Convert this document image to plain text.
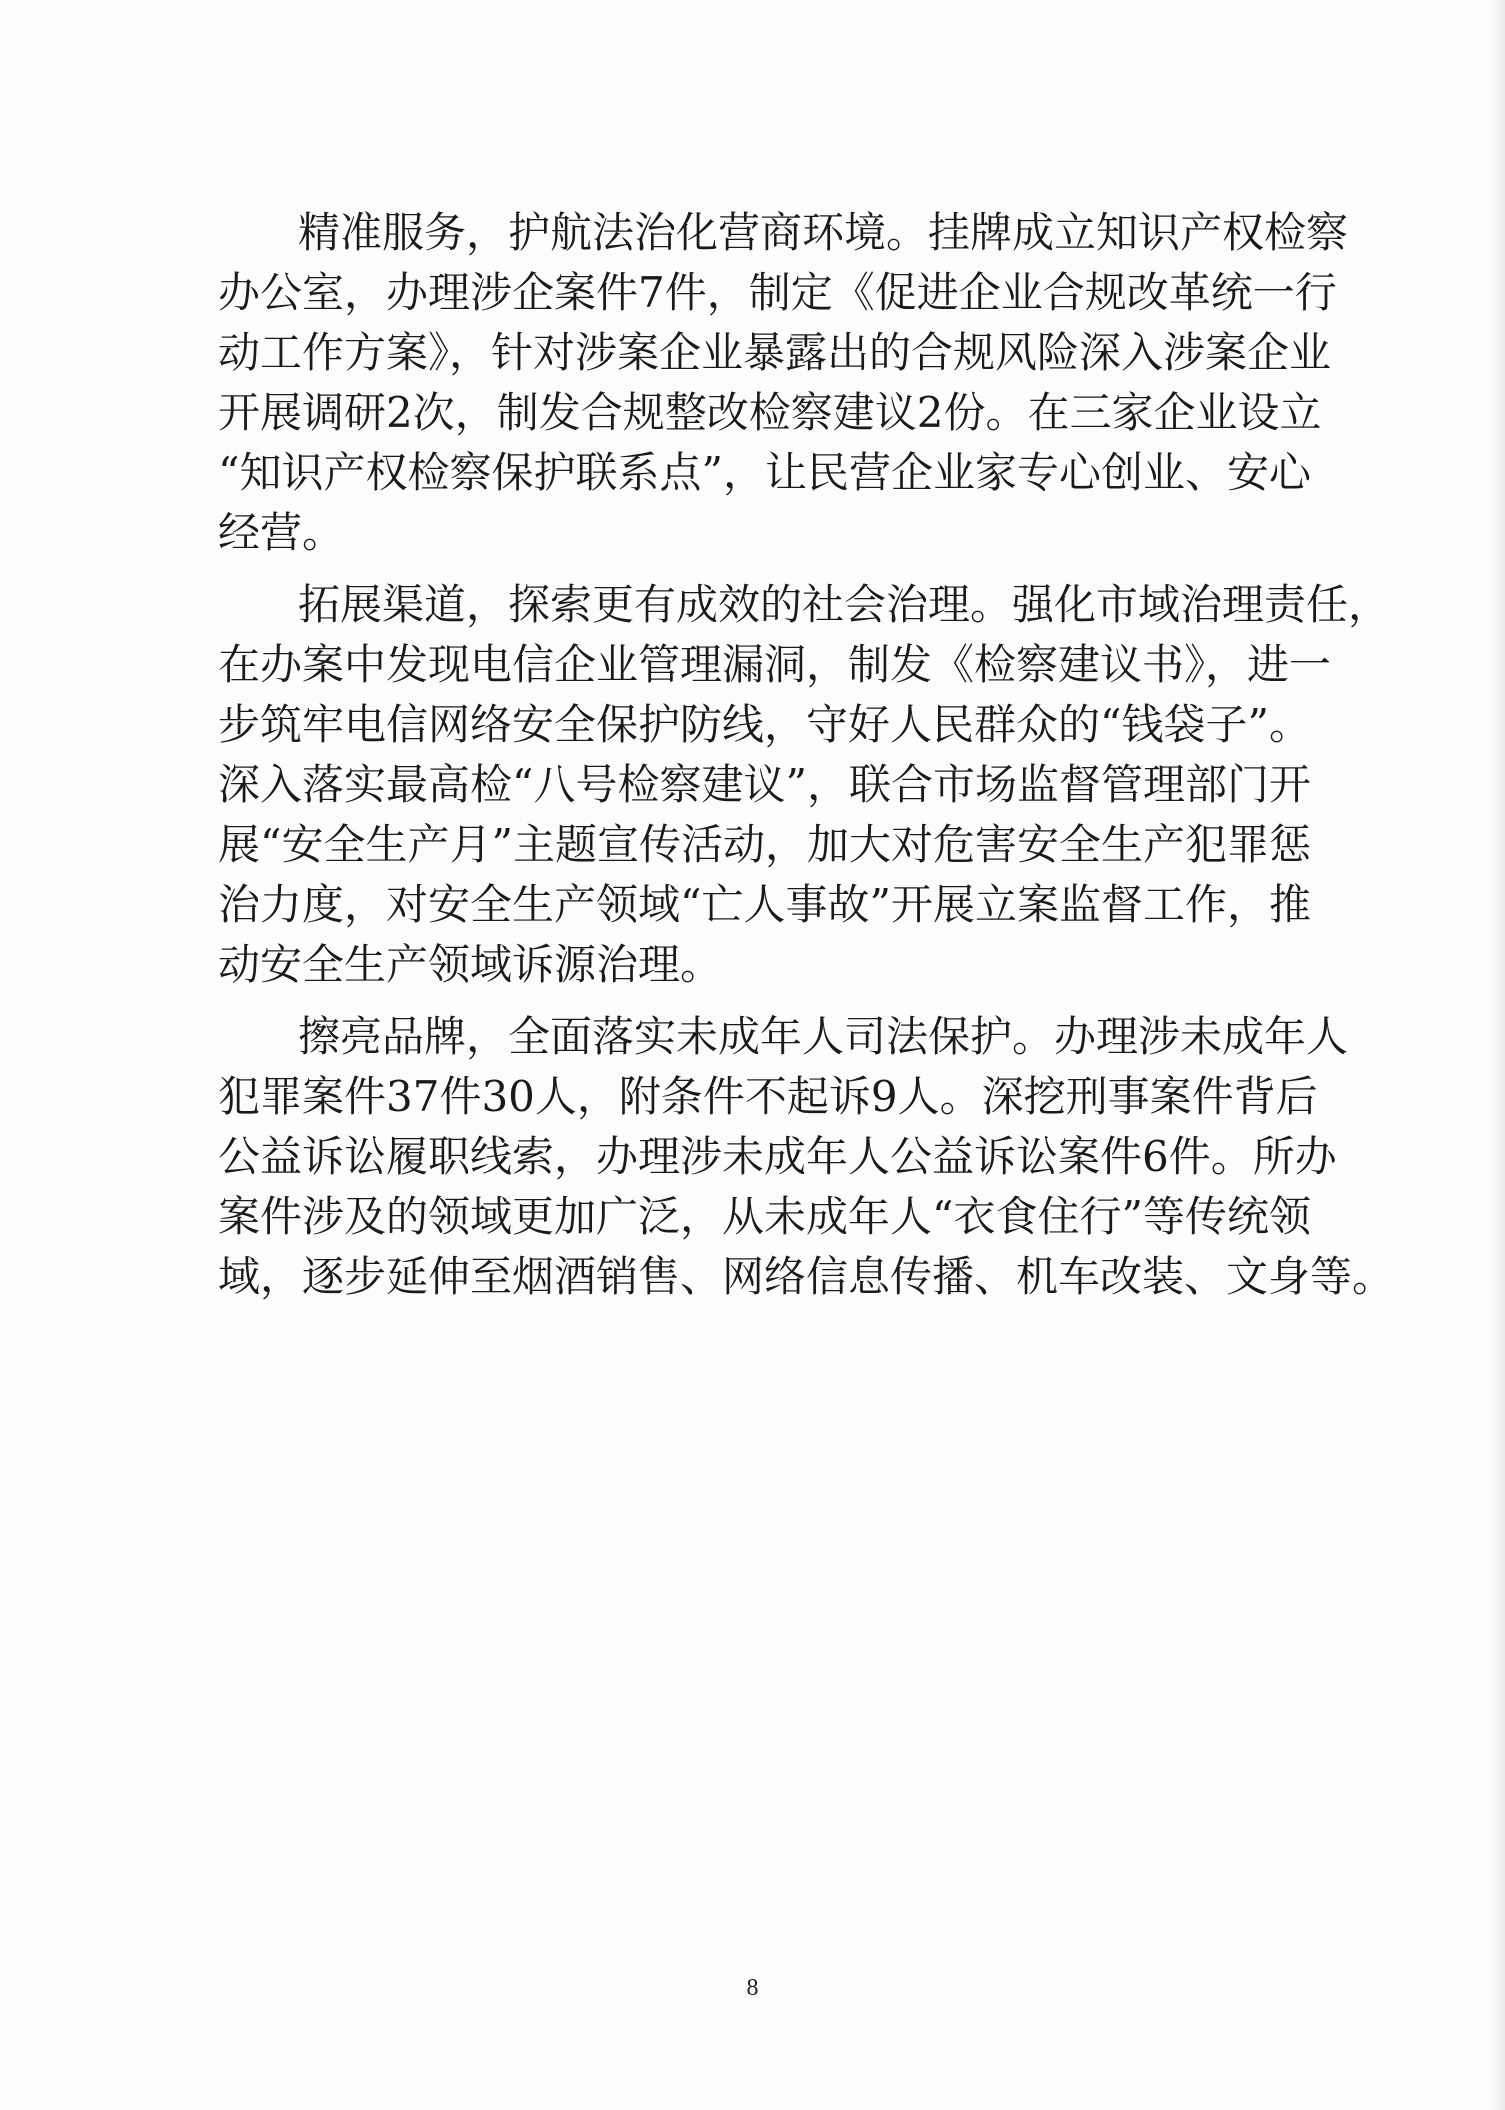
精准服务，护航法治化营商环境。挂牌成立知识产权检察
办公室，办理涉企案件7件，制定《促进企业合规改革统一行
动工作方案》，针对涉案企业暴露出的合规风险深入涉案企业
开展调研2次，制发合规整改检察建议2份。在三家企业设立
“知识产权检察保护联系点”，让民营企业家专心创业、安心
经营。
拓展渠道，探索更有成效的社会治理。强化市域治理责任，
在办案中发现电信企业管理漏洞，制发《检察建议书》，进一
步筑牢电信网络安全保护防线，守好人民群众的“钱袋子”。
深入落实最高检“八号检察建议”，联合市场监督管理部门开
展“安全生产月”主题宣传活动，加大对危害安全生产犯罪惩
治力度，对安全生产领域“亡人事故”开展立案监督工作，推
动安全生产领域诉源治理。
擦亮品牌，全面落实未成年人司法保护。办理涉未成年人
犯罪案件37件30人，附条件不起诉9人。深挖刑事案件背后
公益诉讼履职线索，办理涉未成年人公益诉讼案件6件。所办
案件涉及的领域更加广泛，从未成年人“衣食住行”等传统领
域，逐步延伸至烟酒销售、网络信息传播、机车改装、文身等。
8
